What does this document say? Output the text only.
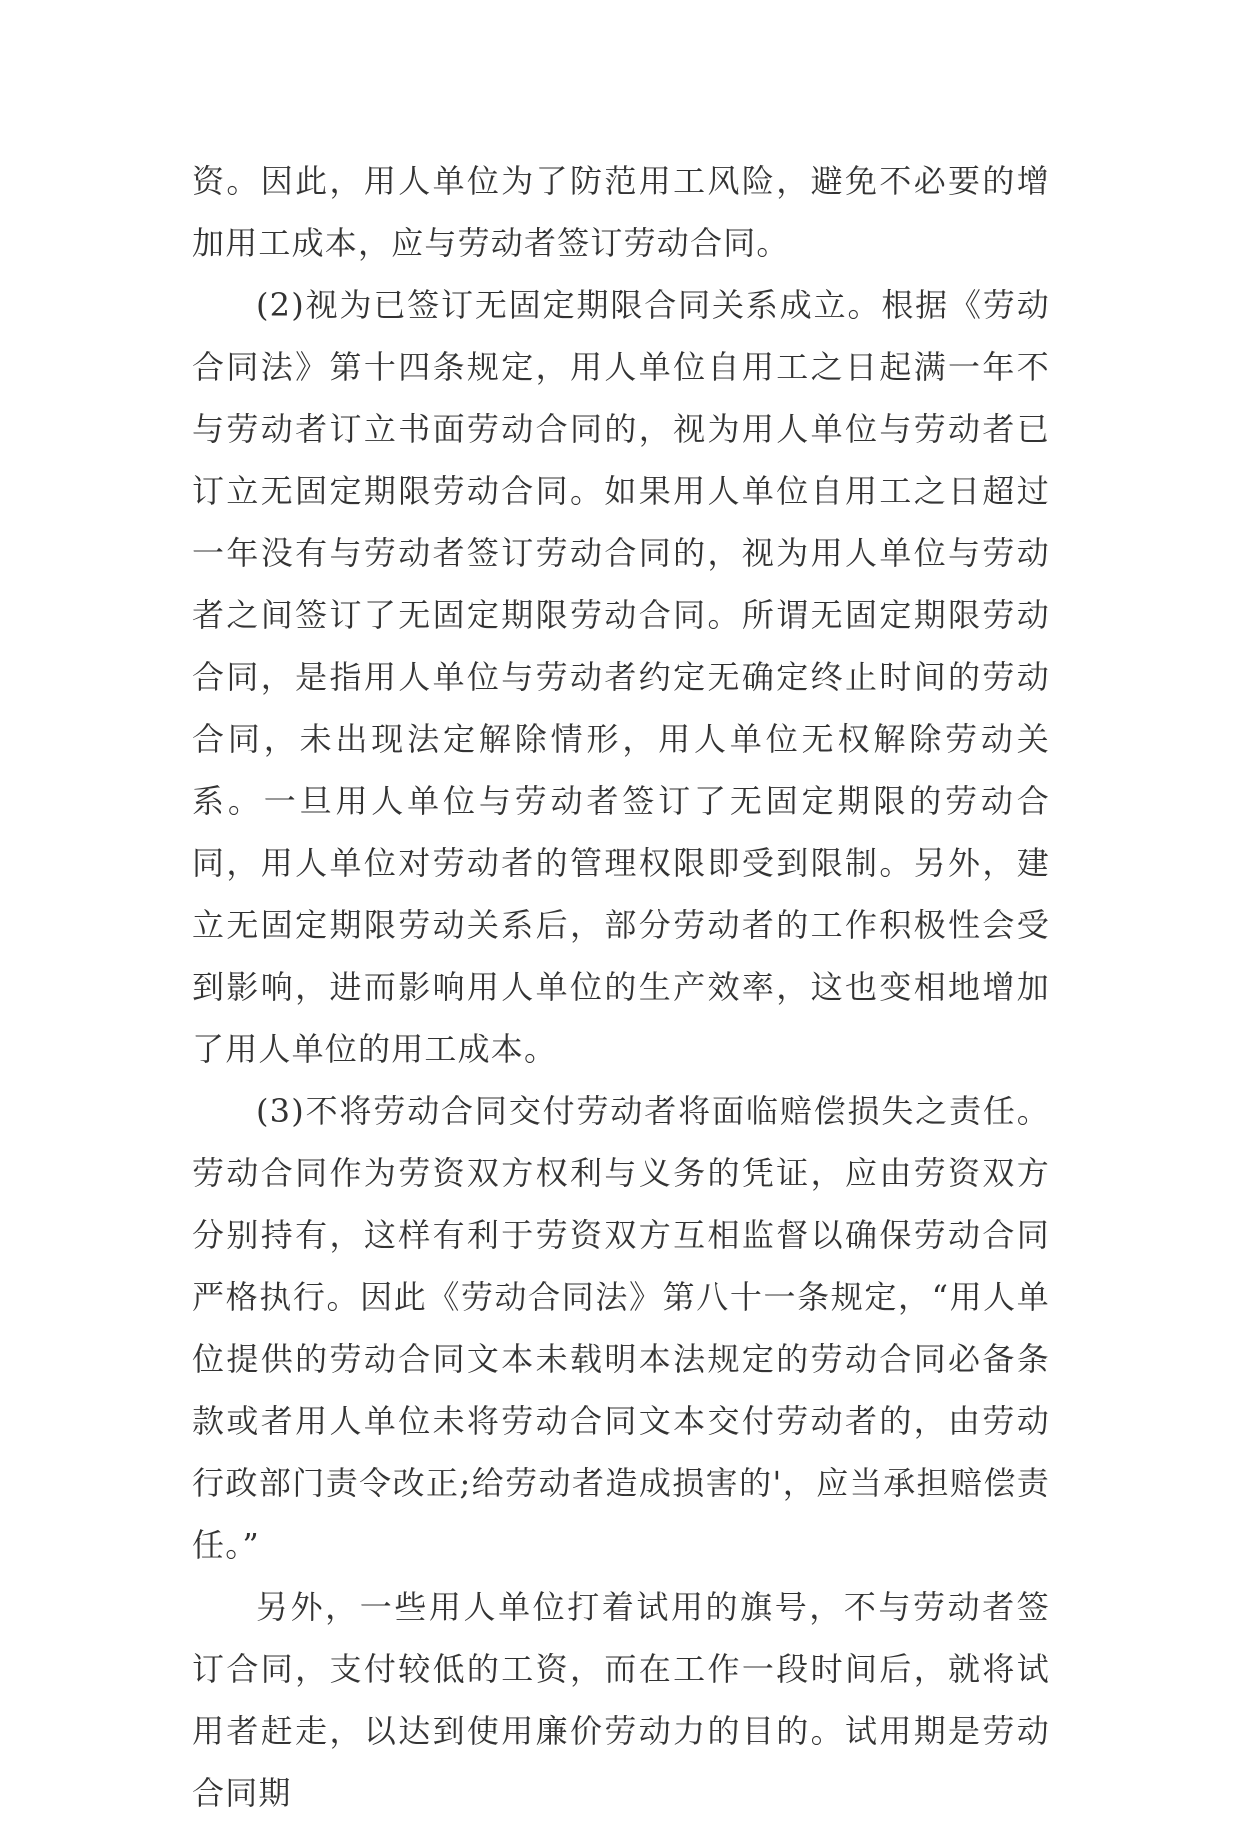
资。因此，用人单位为了防范用工风险，避免不必要的增加用工成本，应与劳动者签订劳动合同。

(2)视为已签订无固定期限合同关系成立。根据《劳动合同法》第十四条规定，用人单位自用工之日起满一年不与劳动者订立书面劳动合同的，视为用人单位与劳动者已订立无固定期限劳动合同。如果用人单位自用工之日超过一年没有与劳动者签订劳动合同的，视为用人单位与劳动者之间签订了无固定期限劳动合同。所谓无固定期限劳动合同，是指用人单位与劳动者约定无确定终止时间的劳动合同，未出现法定解除情形，用人单位无权解除劳动关系。一旦用人单位与劳动者签订了无固定期限的劳动合同，用人单位对劳动者的管理权限即受到限制。另外，建立无固定期限劳动关系后，部分劳动者的工作积极性会受到影响，进而影响用人单位的生产效率，这也变相地增加了用人单位的用工成本。

(3)不将劳动合同交付劳动者将面临赔偿损失之责任。劳动合同作为劳资双方权利与义务的凭证，应由劳资双方分别持有，这样有利于劳资双方互相监督以确保劳动合同严格执行。因此《劳动合同法》第八十一条规定，“用人单位提供的劳动合同文本未载明本法规定的劳动合同必备条款或者用人单位未将劳动合同文本交付劳动者的，由劳动行政部门责令改正;给劳动者造成损害的'，应当承担赔偿责任。”

另外，一些用人单位打着试用的旗号，不与劳动者签订合同，支付较低的工资，而在工作一段时间后，就将试用者赶走，以达到使用廉价劳动力的目的。试用期是劳动合同期
